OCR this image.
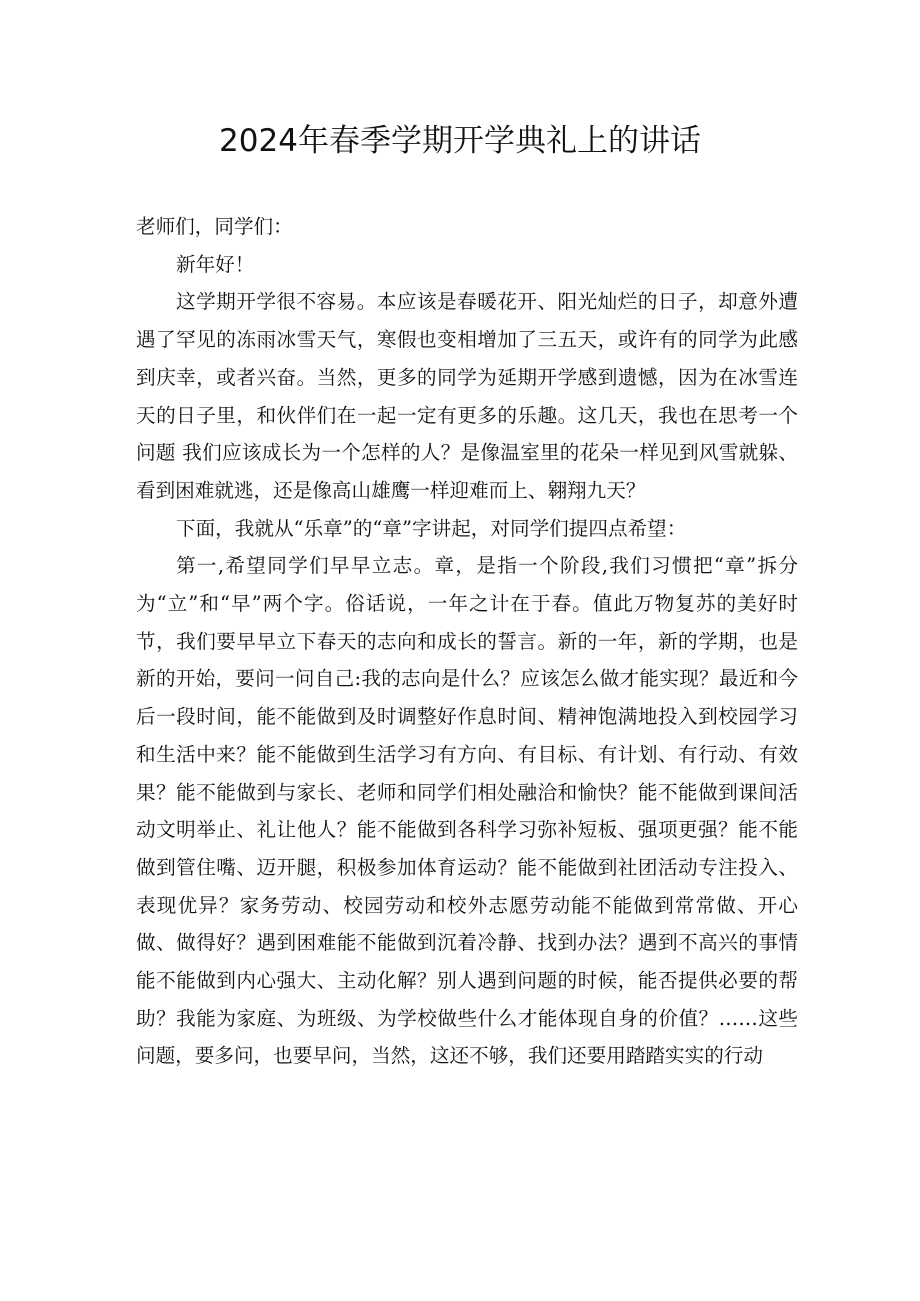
2024年春季学期开学典礼上的讲话

老师们，同学们：

新年好！

这学期开学很不容易。本应该是春暖花开、阳光灿烂的日子，却意外遭遇了罕见的冻雨冰雪天气，寒假也变相增加了三五天，或许有的同学为此感到庆幸，或者兴奋。当然，更多的同学为延期开学感到遗憾，因为在冰雪连天的日子里，和伙伴们在一起一定有更多的乐趣。这几天，我也在思考一个问题 我们应该成长为一个怎样的人？是像温室里的花朵一样见到风雪就躲、看到困难就逃，还是像高山雄鹰一样迎难而上、翱翔九天？

下面，我就从“乐章”的“章”字讲起，对同学们提四点希望：

第一,希望同学们早早立志。章，是指一个阶段,我们习惯把“章”拆分为“立”和“早”两个字。俗话说，一年之计在于春。值此万物复苏的美好时节，我们要早早立下春天的志向和成长的誓言。新的一年，新的学期，也是新的开始，要问一问自己:我的志向是什么？应该怎么做才能实现？最近和今后一段时间，能不能做到及时调整好作息时间、精神饱满地投入到校园学习和生活中来？能不能做到生活学习有方向、有目标、有计划、有行动、有效果？能不能做到与家长、老师和同学们相处融洽和愉快？能不能做到课间活动文明举止、礼让他人？能不能做到各科学习弥补短板、强项更强？能不能做到管住嘴、迈开腿，积极参加体育运动？能不能做到社团活动专注投入、表现优异？家务劳动、校园劳动和校外志愿劳动能不能做到常常做、开心做、做得好？遇到困难能不能做到沉着冷静、找到办法？遇到不高兴的事情能不能做到内心强大、主动化解？别人遇到问题的时候，能否提供必要的帮助？我能为家庭、为班级、为学校做些什么才能体现自身的价值？……这些问题，要多问，也要早问，当然，这还不够，我们还要用踏踏实实的行动
